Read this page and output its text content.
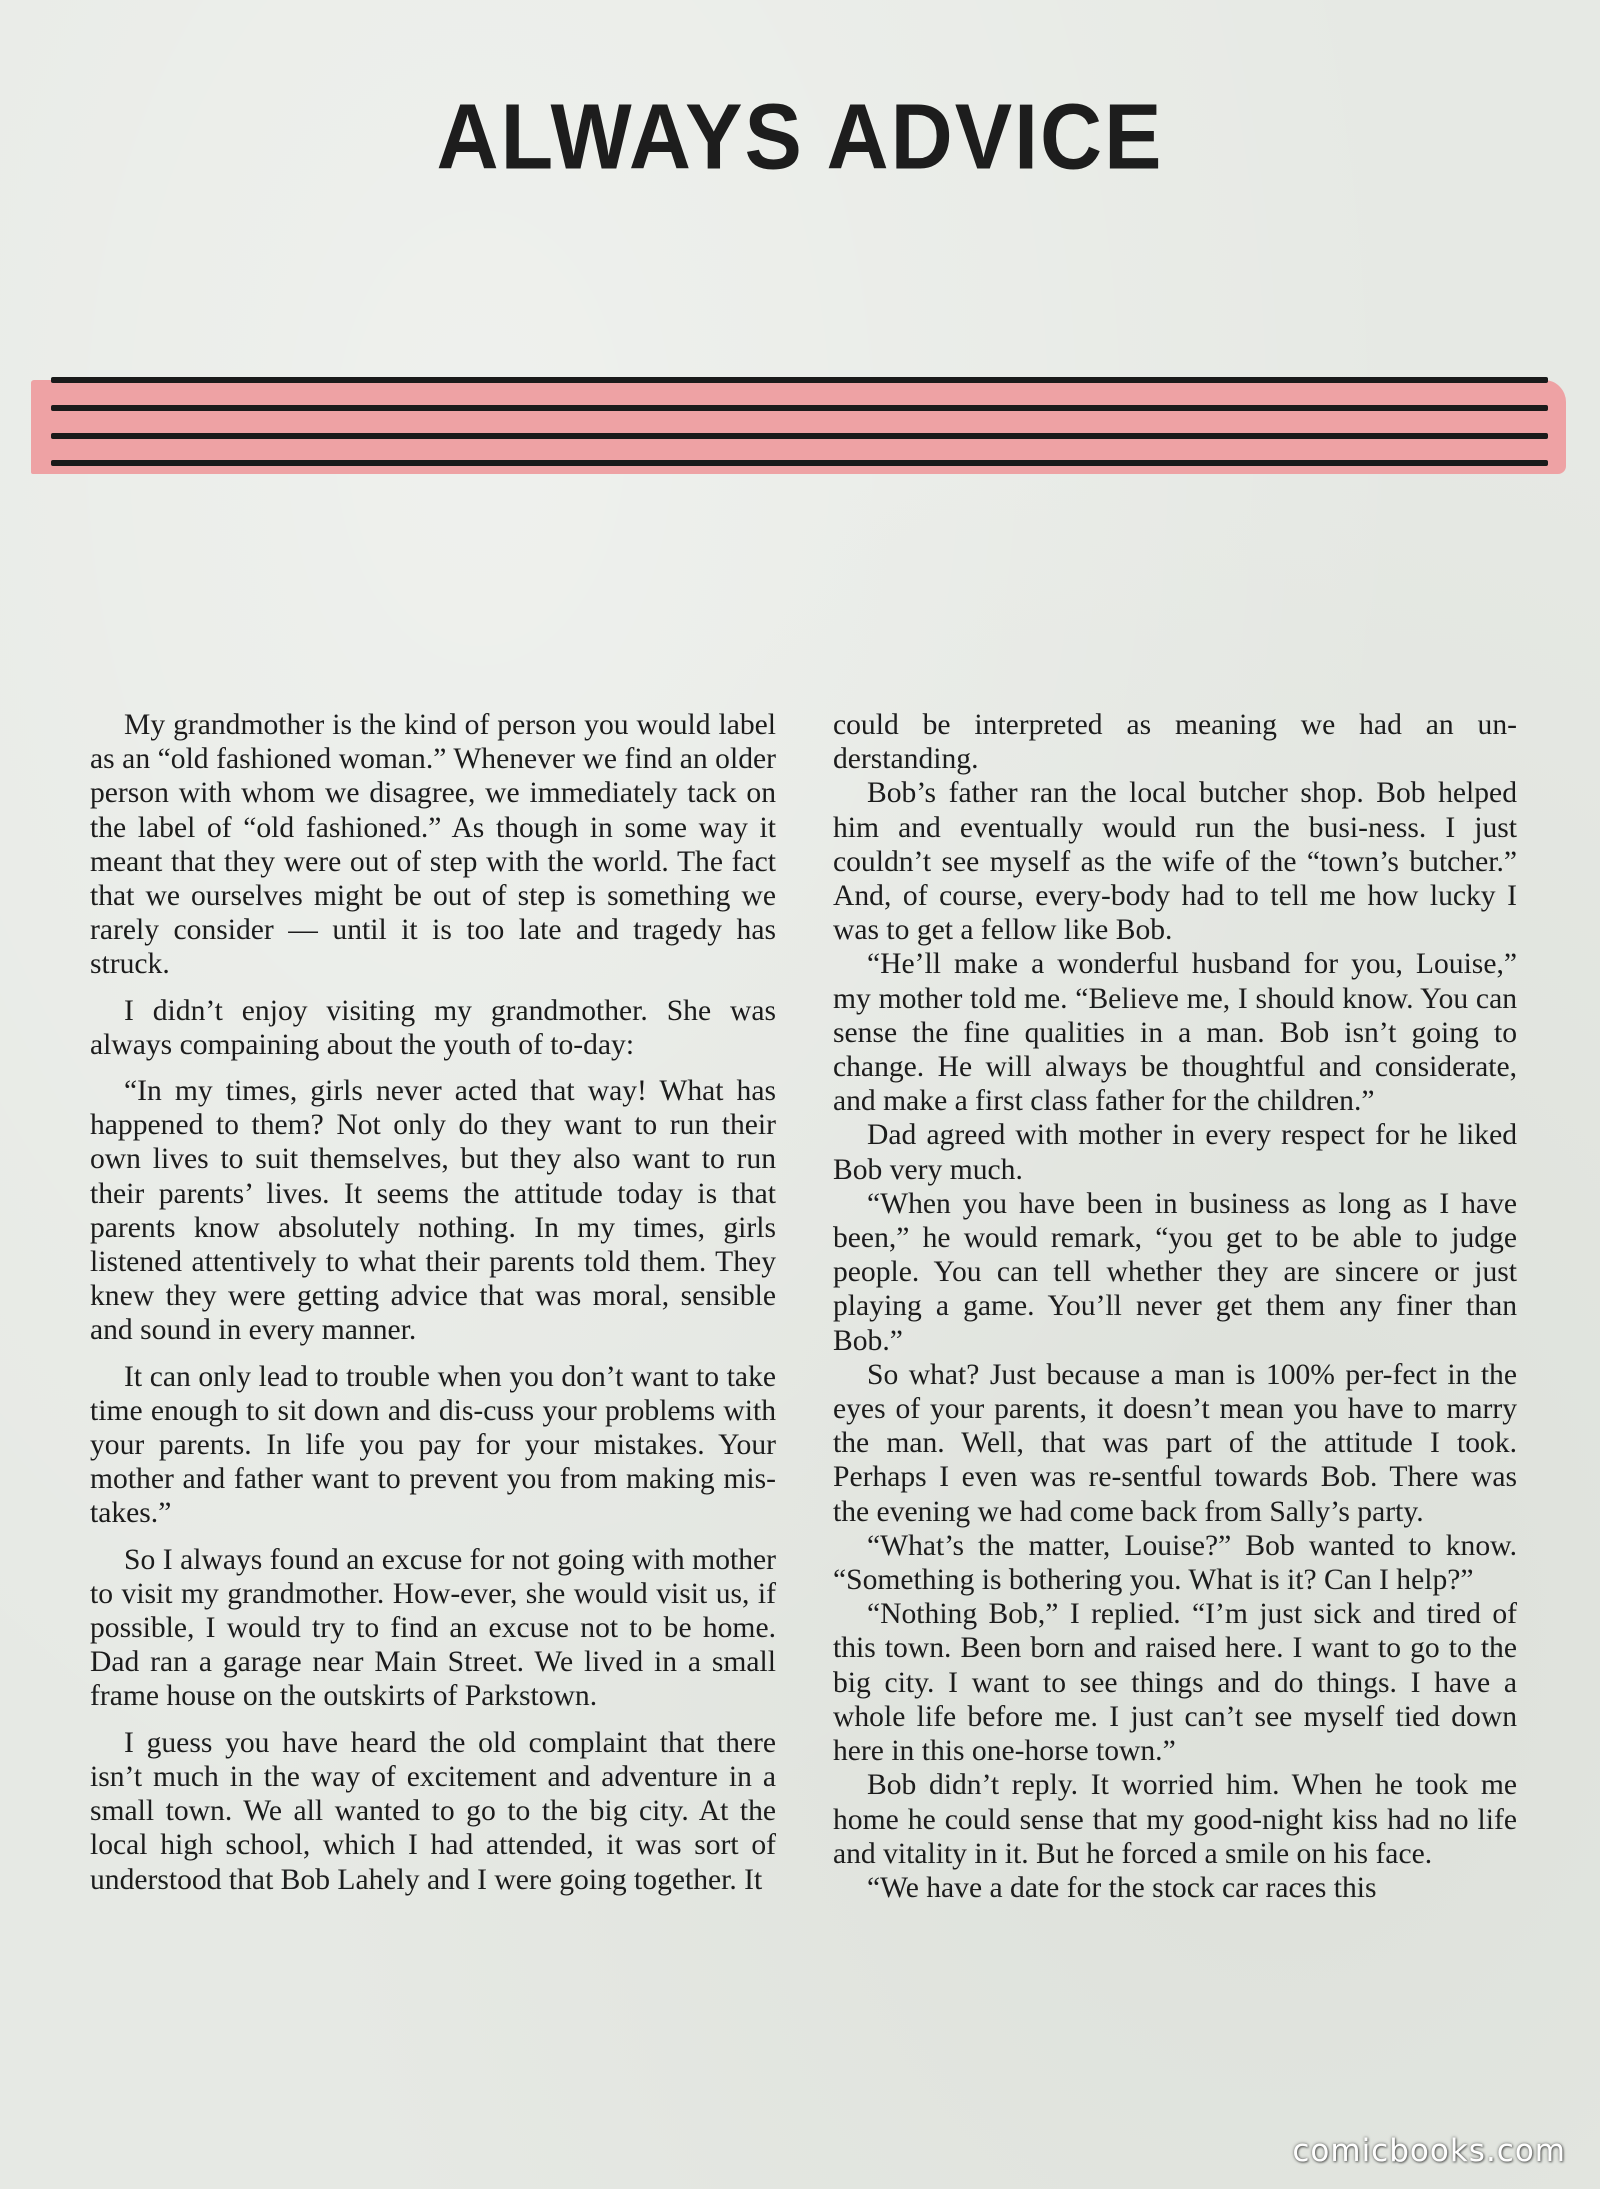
ALWAYS ADVICE

My grandmother is the kind of person you would label as an “old fashioned woman.” Whenever we find an older person with whom we disagree, we immediately tack on the label of “old fashioned.” As though in some way it meant that they were out of step with the world. The fact that we ourselves might be out of step is something we rarely consider — until it is too late and tragedy has struck.

I didn’t enjoy visiting my grandmother. She was always compaining about the youth of to-day:

“In my times, girls never acted that way! What has happened to them? Not only do they want to run their own lives to suit themselves, but they also want to run their parents’ lives. It seems the attitude today is that parents know absolutely nothing. In my times, girls listened attentively to what their parents told them. They knew they were getting advice that was moral, sensible and sound in every manner.

It can only lead to trouble when you don’t want to take time enough to sit down and dis-cuss your problems with your parents. In life you pay for your mistakes. Your mother and father want to prevent you from making mis-takes.”

So I always found an excuse for not going with mother to visit my grandmother. How-ever, she would visit us, if possible, I would try to find an excuse not to be home. Dad ran a garage near Main Street. We lived in a small frame house on the outskirts of Parkstown.

I guess you have heard the old complaint that there isn’t much in the way of excitement and adventure in a small town. We all wanted to go to the big city. At the local high school, which I had attended, it was sort of understood that Bob Lahely and I were going together. It

could be interpreted as meaning we had an un-derstanding.

Bob’s father ran the local butcher shop. Bob helped him and eventually would run the busi-ness. I just couldn’t see myself as the wife of the “town’s butcher.” And, of course, every-body had to tell me how lucky I was to get a fellow like Bob.

“He’ll make a wonderful husband for you, Louise,” my mother told me. “Believe me, I should know. You can sense the fine qualities in a man. Bob isn’t going to change. He will always be thoughtful and considerate, and make a first class father for the children.”

Dad agreed with mother in every respect for he liked Bob very much.

“When you have been in business as long as I have been,” he would remark, “you get to be able to judge people. You can tell whether they are sincere or just playing a game. You’ll never get them any finer than Bob.”

So what? Just because a man is 100% per-fect in the eyes of your parents, it doesn’t mean you have to marry the man. Well, that was part of the attitude I took. Perhaps I even was re-sentful towards Bob. There was the evening we had come back from Sally’s party.

“What’s the matter, Louise?” Bob wanted to know. “Something is bothering you. What is it? Can I help?”

“Nothing Bob,” I replied. “I’m just sick and tired of this town. Been born and raised here. I want to go to the big city. I want to see things and do things. I have a whole life before me. I just can’t see myself tied down here in this one-horse town.”

Bob didn’t reply. It worried him. When he took me home he could sense that my good-night kiss had no life and vitality in it. But he forced a smile on his face.

“We have a date for the stock car races this

comicbooks.com
